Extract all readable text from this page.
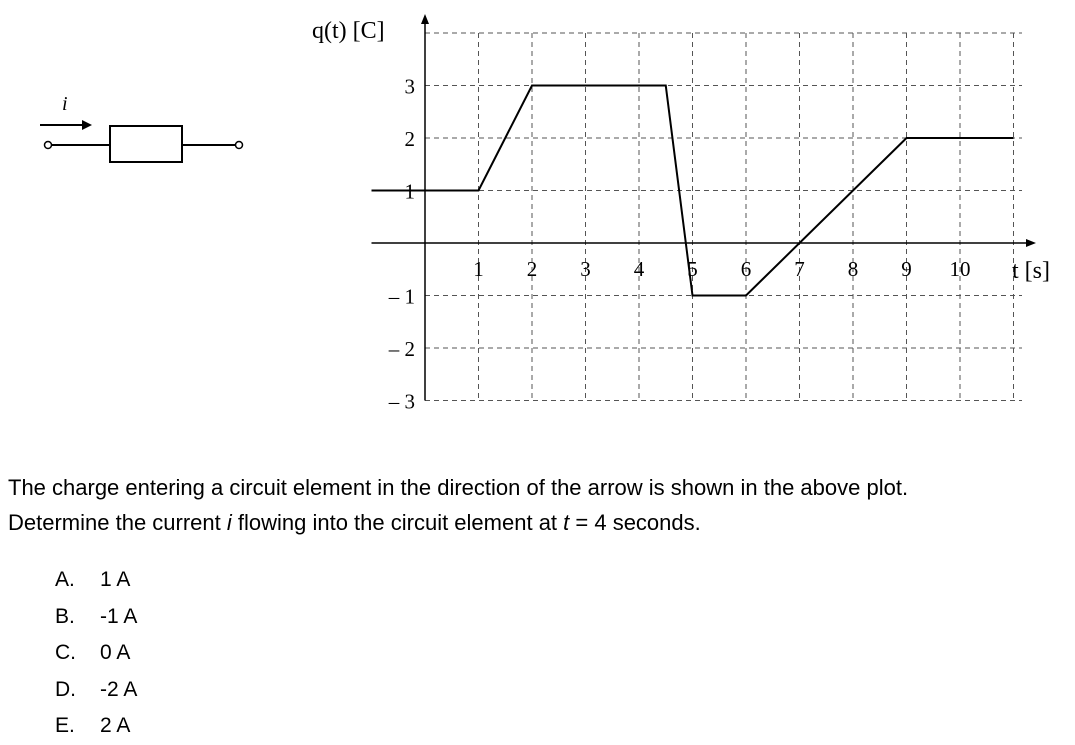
i
1 2 3 4 5 6 7 8 9 10
3
2
1
– 1
– 2
– 3
q(t) [C]
t [s]

The charge entering a circuit element in the direction of the arrow is shown in the above plot.

Determine the current i flowing into the circuit element at t = 4 seconds.

A.	1 A
B.	-1 A
C.	0 A
D.	-2 A
E.	2 A
